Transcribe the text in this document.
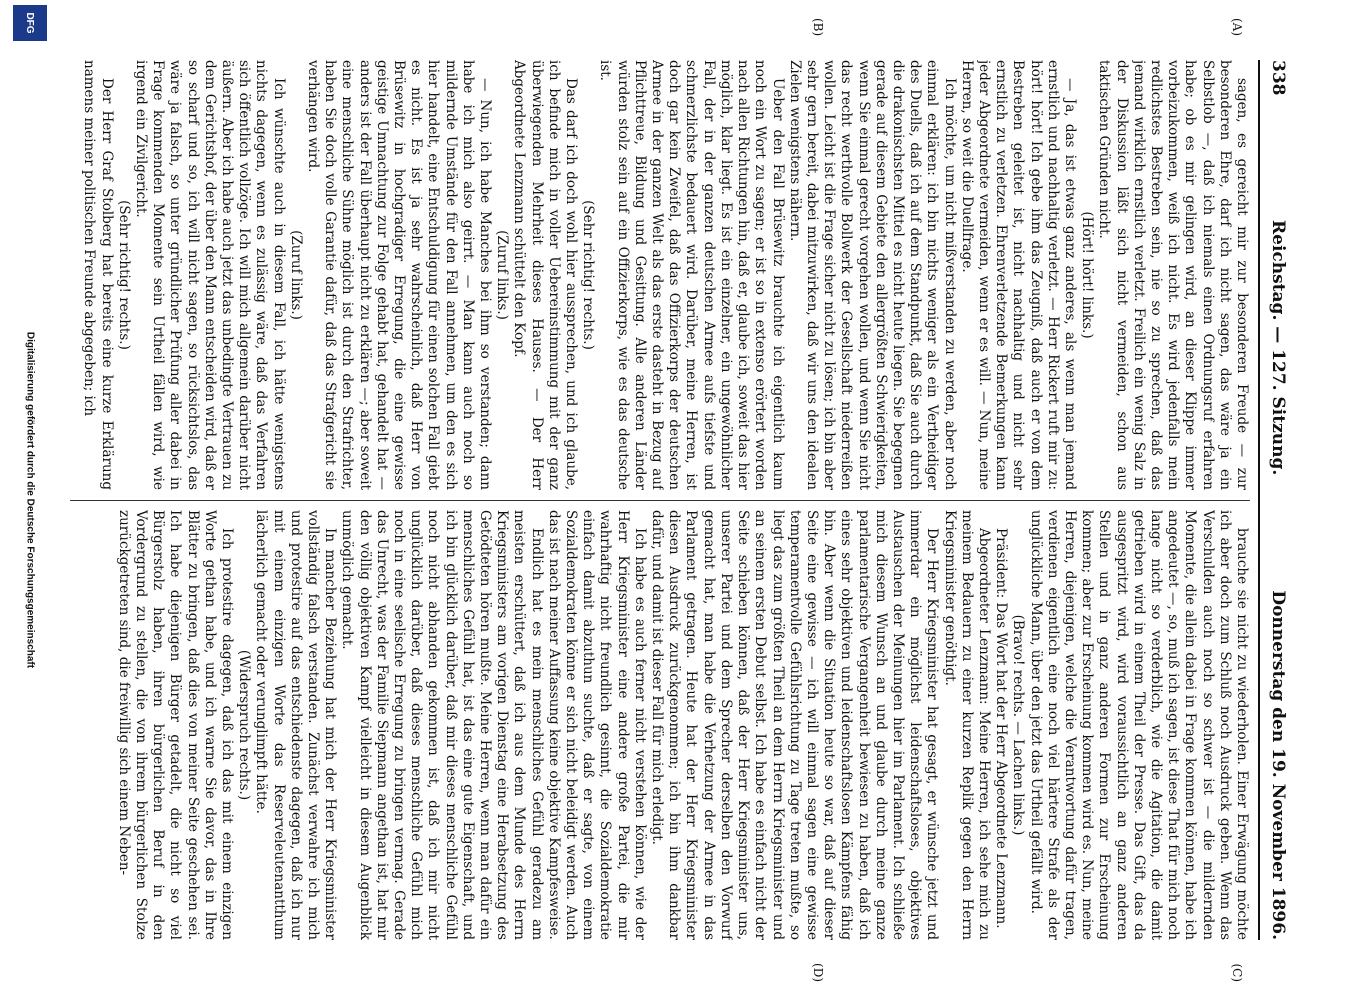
DFG
Digitalisierung gefördert durch die Deutsche Forschungsgemeinschaft
338
Reichstag. — 127. Sitzung.
Donnerstag den 19. November 1896.
(A)
(B)
(C)
(D)

sagen, es gereicht mir zur besonderen Freude — zur besonderen Ehre, darf ich nicht sagen, das wäre ja ein Selbstlob —, daß ich niemals einen Ordnungsruf erfahren habe; ob es mir gelingen wird, an dieser Klippe immer vorbeizukommen, weiß ich nicht. Es wird jedenfalls mein redlichstes Bestreben sein, nie so zu sprechen, daß das jemand wirklich ernstlich verletzt. Freilich ein wenig Salz in der Diskussion läßt sich nicht vermeiden, schon aus taktischen Gründen nicht.

(Hört! hört! links.)

— Ja, das ist etwas ganz anderes, als wenn man jemand ernstlich und nachhaltig verletzt. — Herr Rickert ruft mir zu: hört! hört! Ich gebe ihm das Zeugniß, daß auch er von dem Bestreben geleitet ist, nicht nachhaltig und nicht sehr ernstlich zu verletzen. Ehrenverletzende Bemerkungen kann jeder Abgeordnete vermeiden, wenn er es will. — Nun, meine Herren, so weit die Duellfrage.

Ich möchte, um nicht mißverstanden zu werden, aber noch einmal erklären: ich bin nichts weniger als ein Vertheidiger des Duells, daß ich auf dem Standpunkt, daß Sie auch durch die drakonischsten Mittel es nicht heute liegen. Sie begegnen gerade auf diesem Gebiete den allergrößten Schwierigkeiten, wenn Sie einmal gerecht vorgehen wollen, und wenn Sie nicht das recht werthvolle Bollwerk der Gesellschaft niederreißen wollen. Leicht ist die Frage sicher nicht zu lösen; ich bin aber sehr gern bereit, dabei mitzuwirken, daß wir uns den idealen Zielen wenigstens nähern.

Ueber den Fall Brüsewitz brauchte ich eigentlich kaum noch ein Wort zu sagen; er ist so in extenso erörtert worden nach allen Richtungen hin, daß er, glaube ich, soweit das hier möglich, klar liegt. Es ist ein einzelner, ein ungewöhnlicher Fall, der in der ganzen deutschen Armee aufs tiefste und schmerzlichste bedauert wird. Darüber, meine Herren, ist doch gar kein Zweifel, daß das Offizierkorps der deutschen Armee in der ganzen Welt als das erste dasteht in Bezug auf Pflichttreue, Bildung und Gesittung. Alle anderen Länder würden stolz sein auf ein Offizierkorps, wie es das deutsche ist.

(Sehr richtig! rechts.)

Das darf ich doch wohl hier aussprechen, und ich glaube, ich befinde mich in voller Uebereinstimmung mit der ganz überwiegenden Mehrheit dieses Hauses. — Der Herr Abgeordnete Lenzmann schüttelt den Kopf.

(Zuruf links.)

— Nun, ich habe Manches bei ihm so verstanden; dann habe ich mich also geirrt. — Man kann auch noch so mildernde Umstände für den Fall annehmen, um den es sich hier handelt, eine Entschuldigung für einen solchen Fall giebt es nicht. Es ist ja sehr wahrscheinlich, daß Herr von Brüsewitz in hochgradiger Erregung, die eine gewisse geistige Umnachtung zur Folge gehabt hat, gehandelt hat — anders ist der Fall überhaupt nicht zu erklären —; aber soweit eine menschliche Sühne möglich ist durch den Strafrichter, haben Sie doch volle Garantie dafür, daß das Strafgericht sie verhängen wird.

(Zuruf links.)

Ich wünschte auch in diesem Fall, ich hätte wenigstens nichts dagegen, wenn es zulässig wäre, daß das Verfahren sich öffentlich vollzöge. Ich will mich allgemein darüber nicht äußern. Aber ich habe auch jetzt das unbedingte Vertrauen zu dem Gerichtshof, der über den Mann entscheiden wird, daß er so scharf und so, ich will nicht sagen, so rücksichtslos, das wäre ja falsch, so unter gründlicher Prüfung aller dabei in Frage kommenden Momente sein Urtheil fällen wird, wie irgend ein Zivilgericht.

(Sehr richtig! rechts.)

Der Herr Graf Stolberg hat bereits eine kurze Erklärung namens meiner politischen Freunde abgegeben; ich

brauche sie nicht zu wiederholen. Einer Erwägung möchte ich aber doch zum Schluß noch Ausdruck geben. Wenn das Verschulden auch noch so schwer ist — die mildernden Momente, die allein dabei in Frage kommen können, habe ich angedeutet —, so, muß ich sagen, ist diese That für mich noch lange nicht so verderblich, wie die Agitation, die damit getrieben wird in einem Theil der Presse. Das Gift, das da ausgespritzt wird, wird voraussichtlich an ganz anderen Stellen und in ganz anderen Formen zur Erscheinung kommen; aber zur Erscheinung kommen wird es. Nun, meine Herren, diejenigen, welche die Verantwortung dafür tragen, verdienen eigentlich eine noch viel härtere Strafe als der unglückliche Mann, über den jetzt das Urtheil gefällt wird.

(Bravo! rechts. — Lachen links.)

Präsident: Das Wort hat der Herr Abgeordnete Lenzmann.

Abgeordneter Lenzmann: Meine Herren, ich sehe mich zu meinem Bedauern zu einer kurzen Replik gegen den Herrn Kriegsminister genöthigt.

Der Herr Kriegsminister hat gesagt, er wünsche jetzt und immerdar ein möglichst leidenschaftsloses, objektives Austauschen der Meinungen hier im Parlament. Ich schließe mich diesem Wunsch an und glaube durch meine ganze parlamentarische Vergangenheit bewiesen zu haben, daß ich eines sehr objektiven und leidenschaftslosen Kämpfens fähig bin. Aber wenn die Situation heute so war, daß auf dieser Seite eine gewisse — ich will einmal sagen eine gewisse temperamentvolle Gefühlsrichtung zu Tage treten mußte, so liegt das zum größten Theil an dem Herrn Kriegsminister und an seinem ersten Debut selbst. Ich habe es einfach nicht der Seite schieben können, daß der Herr Kriegsminister uns, unserer Partei und dem Sprecher derselben den Vorwurf gemacht hat, man habe die Verhetzung der Armee in das Parlament getragen. Heute hat der Herr Kriegsminister diesen Ausdruck zurückgenommen; ich bin ihm dankbar dafür, und damit ist dieser Fall für mich erledigt.

Ich habe es auch ferner nicht verstehen können, wie der Herr Kriegsminister eine andere große Partei, die mir wahrhaftig nicht freundlich gesinnt, die Sozialdemokratie einfach damit abzuthun suchte, daß er sagte, von einem Sozialdemokraten könne er sich nicht beleidigt werden. Auch das ist nach meiner Auffassung keine objektive Kampfesweise.

Endlich hat es mein menschliches Gefühl geradezu am meisten erschüttert, daß ich aus dem Munde des Herrn Kriegsministers am vorigen Dienstag eine Herabsetzung des Getödteten hören mußte. Meine Herren, wenn man dafür ein menschliches Gefühl hat, ist das eine gute Eigenschaft, und ich bin glücklich darüber, daß mir dieses menschliche Gefühl noch nicht abhanden gekommen ist, daß ich mir nicht unglücklich darüber, daß dieses menschliche Gefühl mich noch in eine seelische Erregung zu bringen vermag. Gerade das Unrecht, was der Familie Siepmann angethan ist, hat mir den völlig objektiven Kampf vielleicht in diesem Augenblick unmöglich gemacht.

In mancher Beziehung hat mich der Herr Kriegsminister vollständig falsch verstanden. Zunächst verwahre ich mich und protestire auf das entschiedenste dagegen, daß ich nur mit einem einzigen Worte das Reserveleutenantthum lächerlich gemacht oder verunglimpft hätte.

(Widerspruch rechts.)

Ich protestire dagegen, daß ich das mit einem einzigen Worte gethan habe, und ich warne Sie davor, das in Ihre Blätter zu bringen, daß dies von meiner Seite geschehen sei. Ich habe diejenigen Bürger getadelt, die nicht so viel Bürgerstolz haben, ihren bürgerlichen Beruf in den Vordergrund zu stellen, die von ihrem bürgerlichen Stolze zurückgetreten sind, die freiwillig sich einem Neben-
